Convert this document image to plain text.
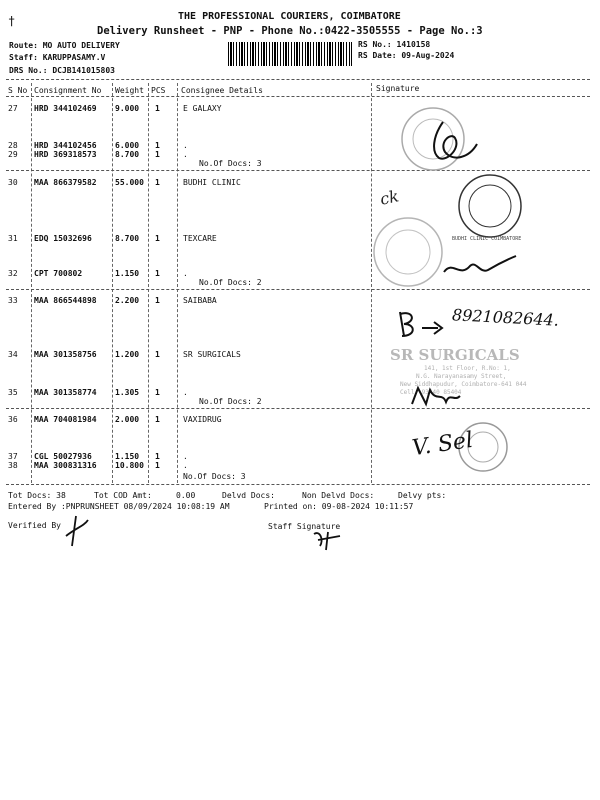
†	THE PROFESSIONAL COURIERS, COIMBATORE
Delivery Runsheet - PNP - Phone No.:0422-3505555 - Page No.:3
Route: MO AUTO DELIVERY
Staff: KARUPPASAMY.V
DRS No.: DCJB141015803
RS No.: 1410158
RS Date: 09-Aug-2024
S No Consignment No Weight PCS Consignee Details	Signature
27 HRD 344102469 9.000 1	E GALAXY
28 HRD 344102456 6.000 1	.
29 HRD 369318573 8.700 1	.
No.Of Docs: 3
30 MAA 866379582 55.000 1	BUDHI CLINIC
31 EDQ 15032696	8.700 1	TEXCARE
32 CPT 700802	1.150 1	.
No.Of Docs: 2
33 MAA 866544898 2.200 1	SAIBABA
34 MAA 301358756 1.200 1	SR SURGICALS
35 MAA 301358774 1.305 1	.
No.Of Docs: 2
36 MAA 704081984 2.000 1	VAXIDRUG
37 CGL 50027936	1.150 1	.
38 MAA 300831316 10.800 1	.
No.Of Docs: 3
ck
BUDHI CLINIC COIMBATORE
8921082644.
SR SURGICALS
141, 1st Floor, R.No: 1,
N.G. Narayanasamy Street,
New Siddhapudur, Coimbatore-641 044
Cell: 93440 85404
V. Sel
Tot Docs: 38	Tot COD Amt:	0.00	Delvd Docs:	Non Delvd Docs:	Delvy pts:
Entered By :PNPRUNSHEET 08/09/2024 10:08:19 AM	Printed on: 09-08-2024 10:11:57
Verified By	Staff Signature
